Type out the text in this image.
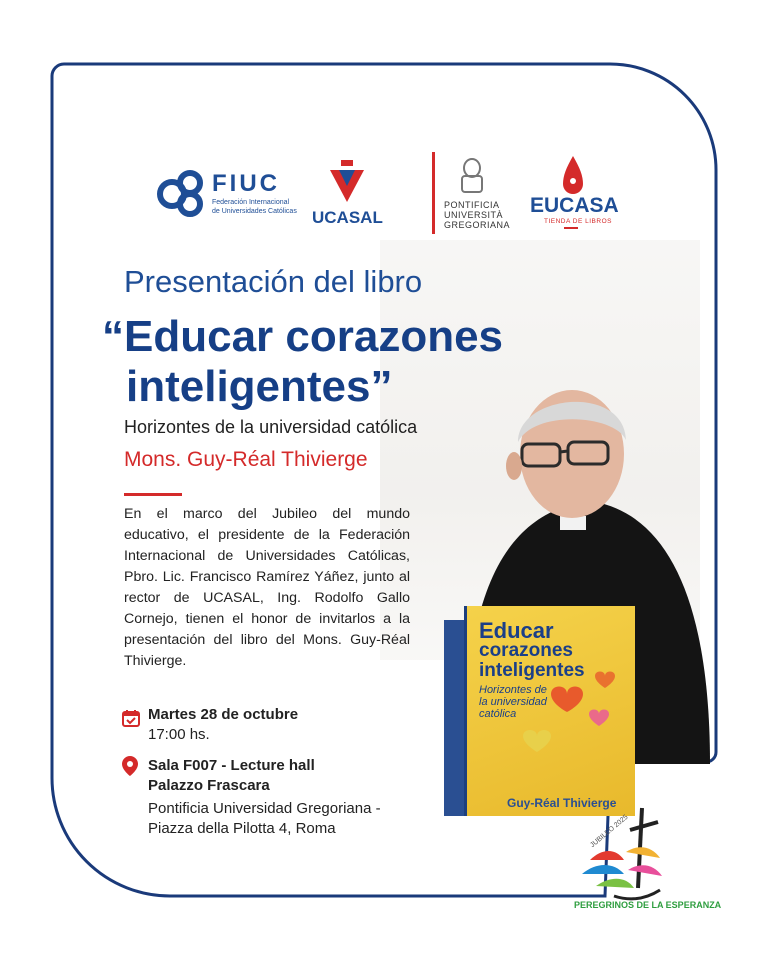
FIUC
Federación Internacional
de Universidades Católicas UCASAL
PONTIFICIA
UNIVERSITÀ
GREGORIANA
EUCASA
TIENDA DE LIBROS
Presentación del libro
“Educar corazones
inteligentes”
Horizontes de la universidad católica
Mons. Guy-Réal Thivierge
En el marco del Jubileo del mundo educativo, el presidente de la Federación Internacional de Universidades Católicas, Pbro. Lic. Francisco Ramírez Yáñez, junto al rector de UCASAL, Ing. Rodolfo Gallo Cornejo, tienen el honor de invitarlos a la presentación del libro del Mons. Guy-Réal Thivierge.
Educar
corazones
inteligentes
Horizontes de
la universidad
católica
Guy-Réal Thivierge
Martes 28 de octubre
17:00 hs.
Sala F007 - Lecture hall
Palazzo Frascara
Pontificia Universidad Gregoriana -
Piazza della Pilotta 4, Roma
PEREGRINOS DE LA ESPERANZA
JUBILEO 2025
